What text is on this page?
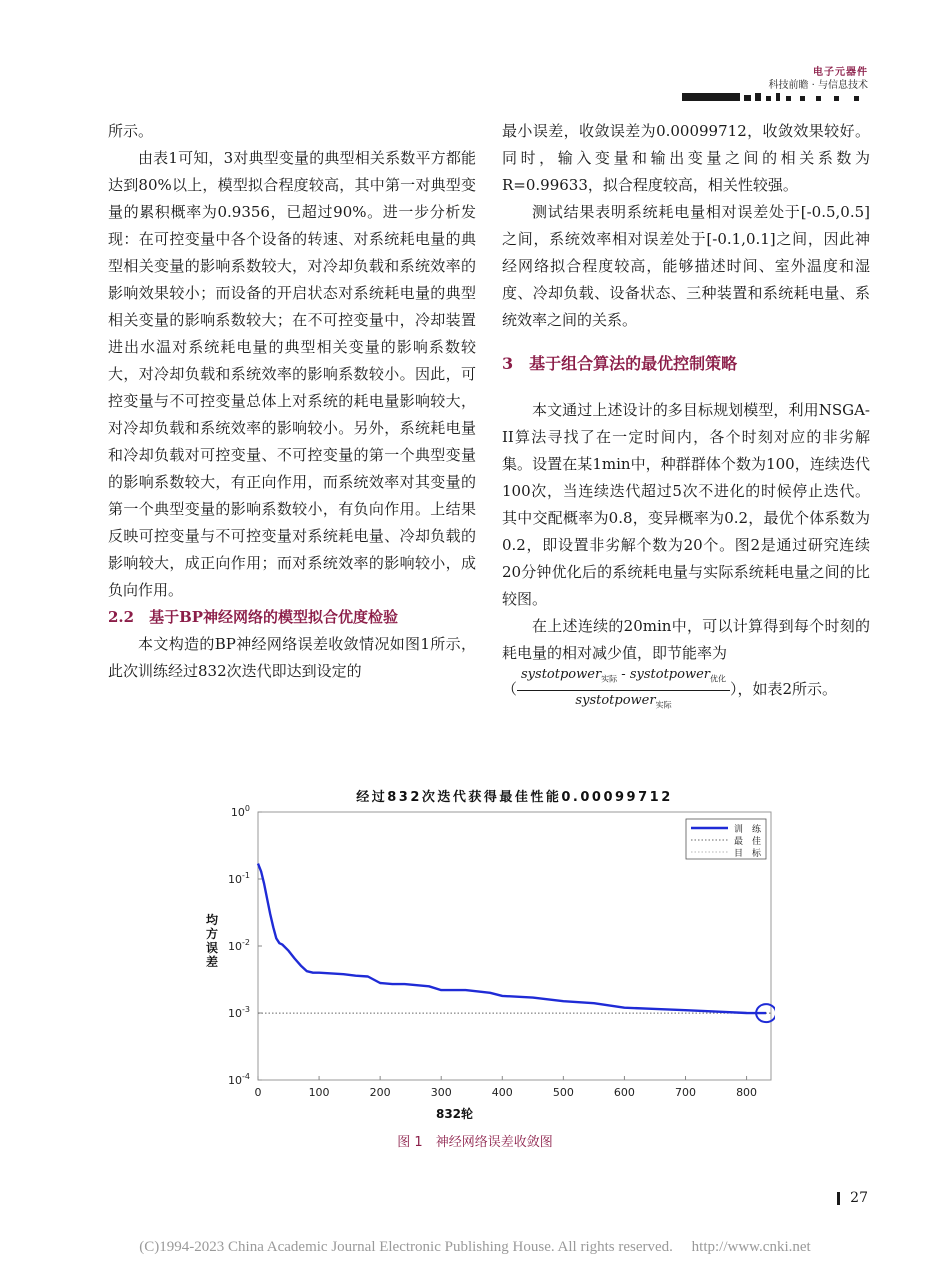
电子元器件
科技前瞻 · 与信息技术

所示。

由表1可知，3对典型变量的典型相关系数平方都能达到80%以上，模型拟合程度较高，其中第一对典型变量的累积概率为0.9356，已超过90%。进一步分析发现：在可控变量中各个设备的转速、对系统耗电量的典型相关变量的影响系数较大，对冷却负载和系统效率的影响效果较小；而设备的开启状态对系统耗电量的典型相关变量的影响系数较大；在不可控变量中，冷却装置进出水温对系统耗电量的典型相关变量的影响系数较大，对冷却负载和系统效率的影响系数较小。因此，可控变量与不可控变量总体上对系统的耗电量影响较大，对冷却负载和系统效率的影响较小。另外，系统耗电量和冷却负载对可控变量、不可控变量的第一个典型变量的影响系数较大，有正向作用，而系统效率对其变量的第一个典型变量的影响系数较小，有负向作用。上结果反映可控变量与不可控变量对系统耗电量、冷却负载的影响较大，成正向作用；而对系统效率的影响较小，成负向作用。

2.2　基于BP神经网络的模型拟合优度检验

本文构造的BP神经网络误差收敛情况如图1所示，此次训练经过832次迭代即达到设定的

最小误差，收敛误差为0.00099712，收敛效果较好。同时，输入变量和输出变量之间的相关系数为R=0.99633，拟合程度较高，相关性较强。

测试结果表明系统耗电量相对误差处于[-0.5,0.5]之间，系统效率相对误差处于[-0.1,0.1]之间，因此神经网络拟合程度较高，能够描述时间、室外温度和湿度、冷却负载、设备状态、三种装置和系统耗电量、系统效率之间的关系。

3　基于组合算法的最优控制策略

本文通过上述设计的多目标规划模型，利用NSGA-II算法寻找了在一定时间内，各个时刻对应的非劣解集。设置在某1min中，种群群体个数为100，连续迭代100次，当连续迭代超过5次不进化的时候停止迭代。其中交配概率为0.8，变异概率为0.2，最优个体系数为0.2，即设置非劣解个数为20个。图2是通过研究连续20分钟优化后的系统耗电量与实际系统耗电量之间的比较图。

在上述连续的20min中，可以计算得到每个时刻的耗电量的相对减少值，即节能率为

（ $\frac{systotpower_{实际} - systotpower_{优化}}{systotpower_{实际}}$ ），如表2所示。

经过832次迭代获得最佳性能0.00099712
0	100	200	300	400	500	600	700	800
$10^0$
$10^{-1}$
$10^{-2}$
$10^{-3}$
$10^{-4}$
832轮
均
方
误
差
训　练
最　佳
目　标
图 1　神经网络误差收敛图
27
(C)1994-2023 China Academic Journal Electronic Publishing House. All rights reserved.　 http://www.cnki.net
